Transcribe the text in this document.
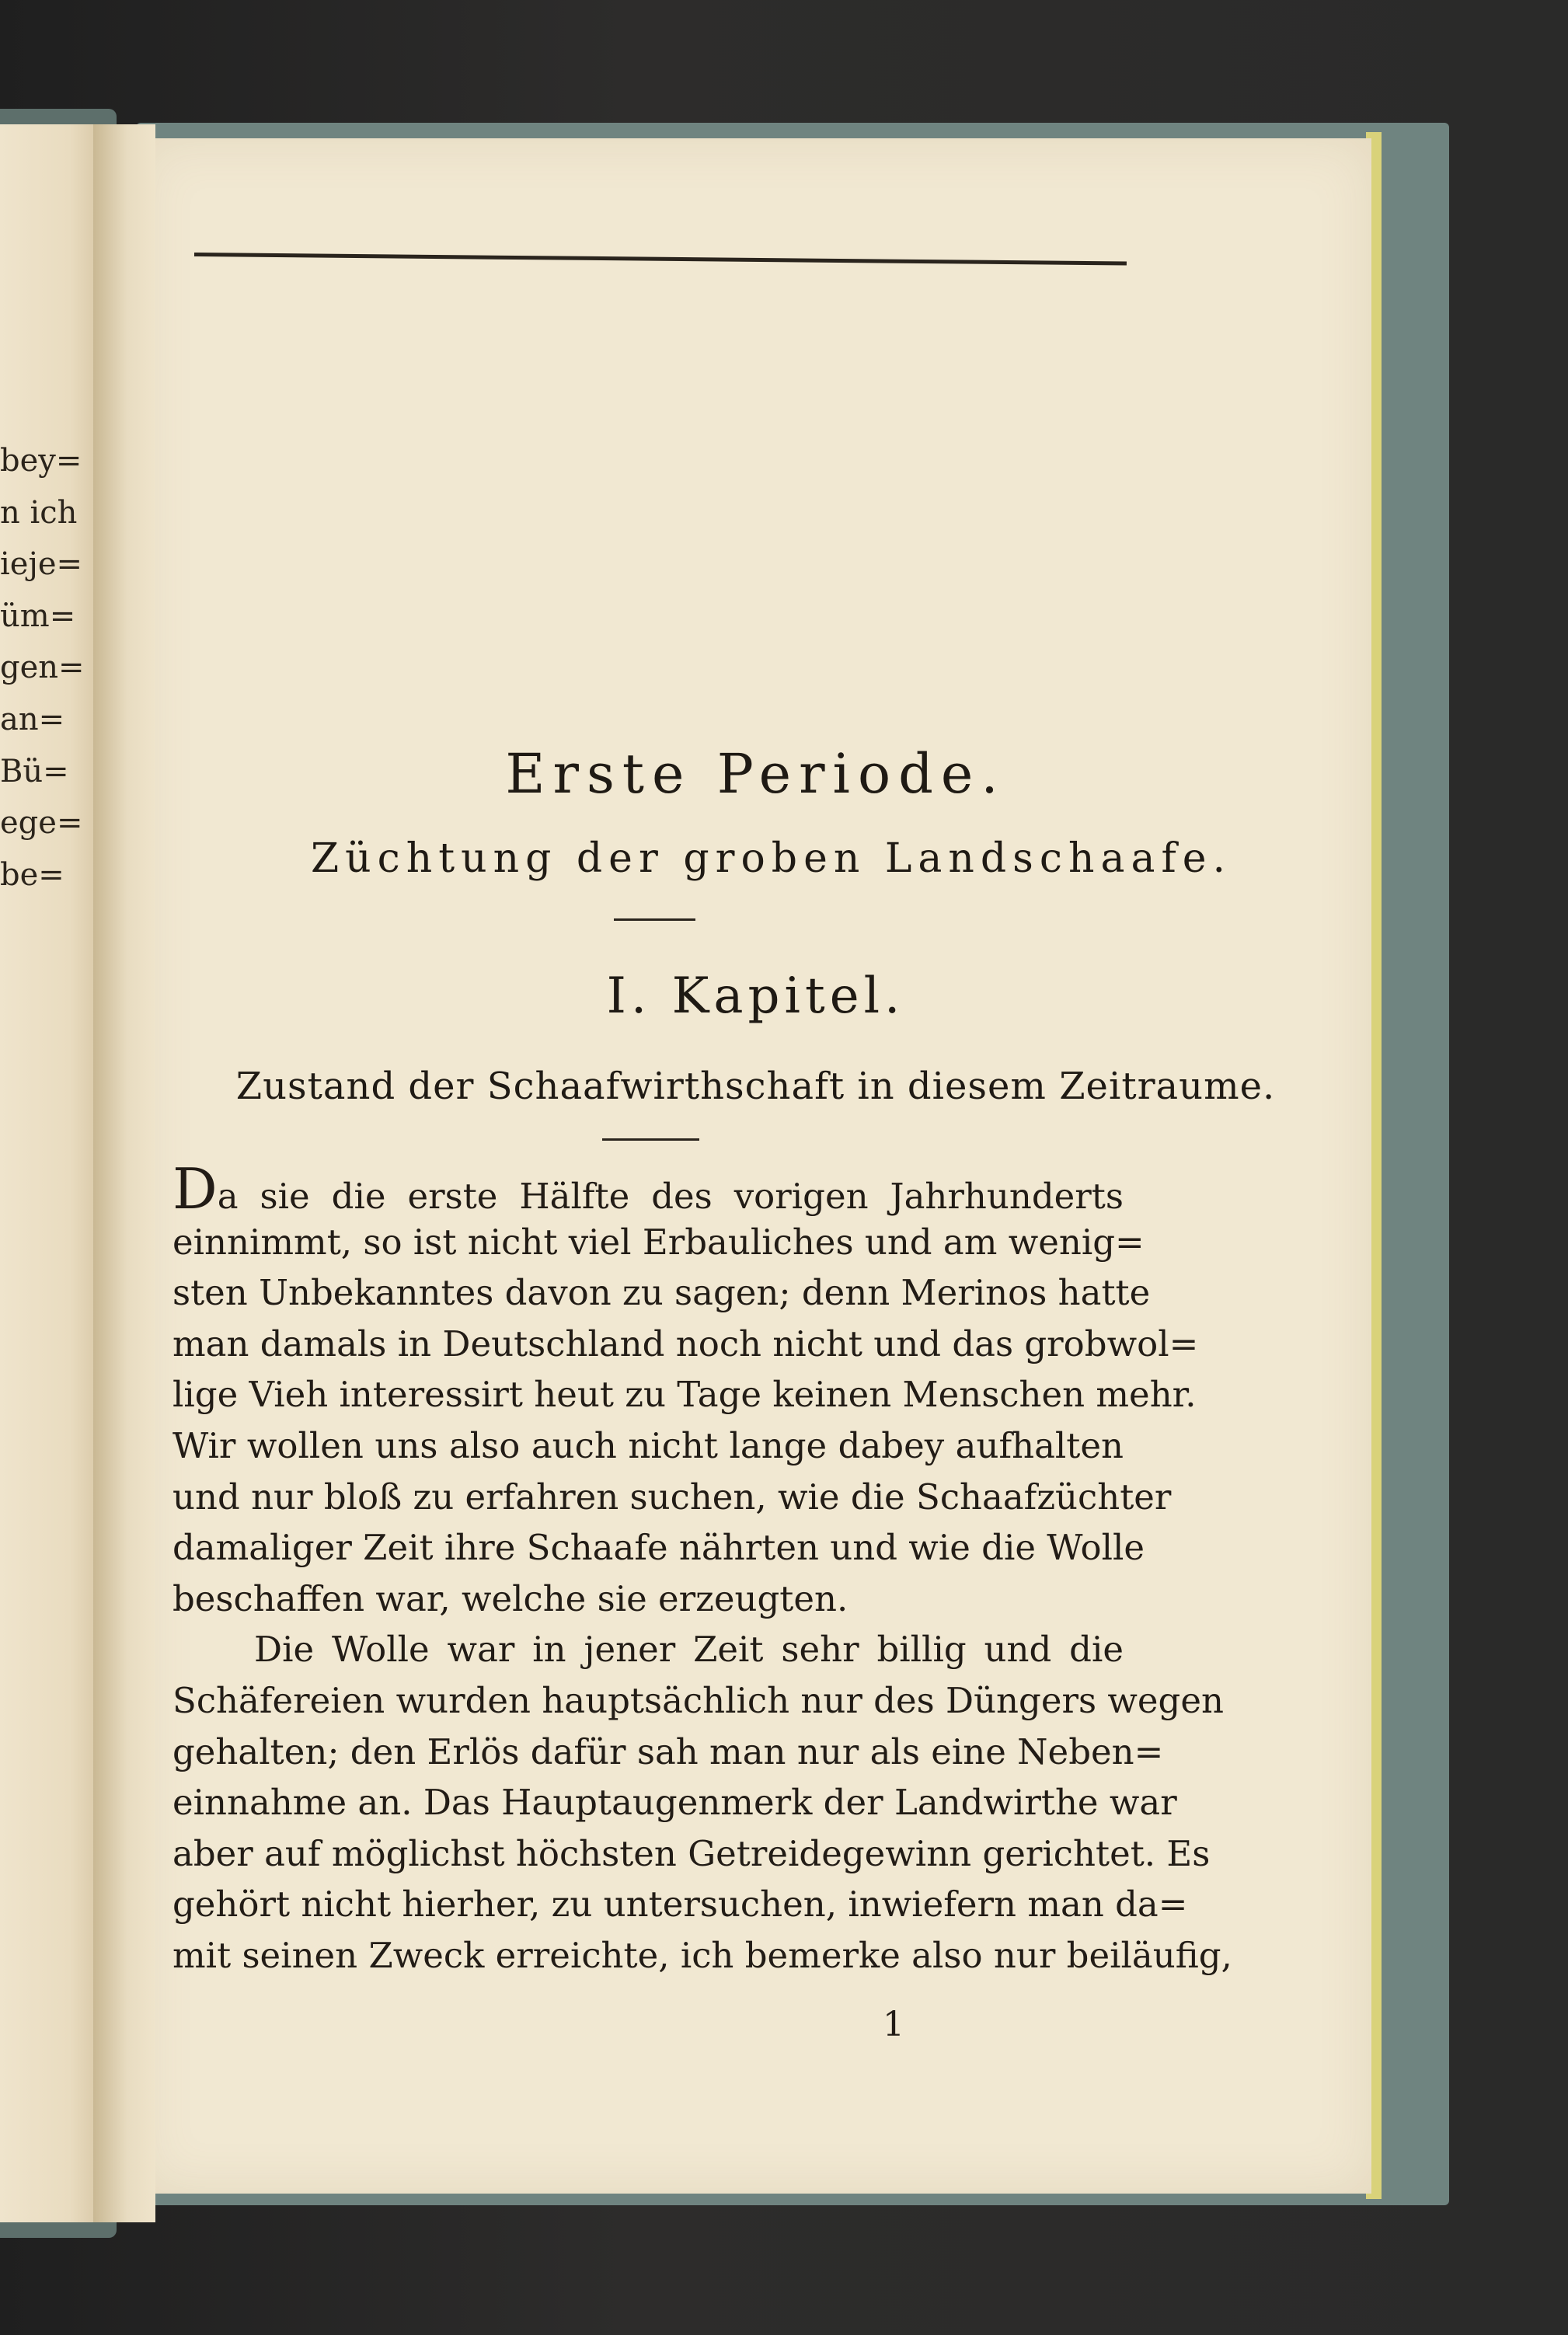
bey=
n ich
ieje=
üm=
gen=
an=
Bü=
ege=
be=
Erste Periode.
Züchtung der groben Landschaafe.
I. Kapitel.
Zustand der Schaafwirthschaft in diesem Zeitraume.
Da sie die erste Hälfte des vorigen Jahrhunderts
einnimmt, so ist nicht viel Erbauliches und am wenig=
sten Unbekanntes davon zu sagen; denn Merinos hatte
man damals in Deutschland noch nicht und das grobwol=
lige Vieh interessirt heut zu Tage keinen Menschen mehr.
Wir wollen uns also auch nicht lange dabey aufhalten
und nur bloß zu erfahren suchen, wie die Schaafzüchter
damaliger Zeit ihre Schaafe nährten und wie die Wolle
beschaffen war, welche sie erzeugten.
Die Wolle war in jener Zeit sehr billig und die
Schäfereien wurden hauptsächlich nur des Düngers wegen
gehalten; den Erlös dafür sah man nur als eine Neben=
einnahme an. Das Hauptaugenmerk der Landwirthe war
aber auf möglichst höchsten Getreidegewinn gerichtet. Es
gehört nicht hierher, zu untersuchen, inwiefern man da=
mit seinen Zweck erreichte, ich bemerke also nur beiläufig,
1
